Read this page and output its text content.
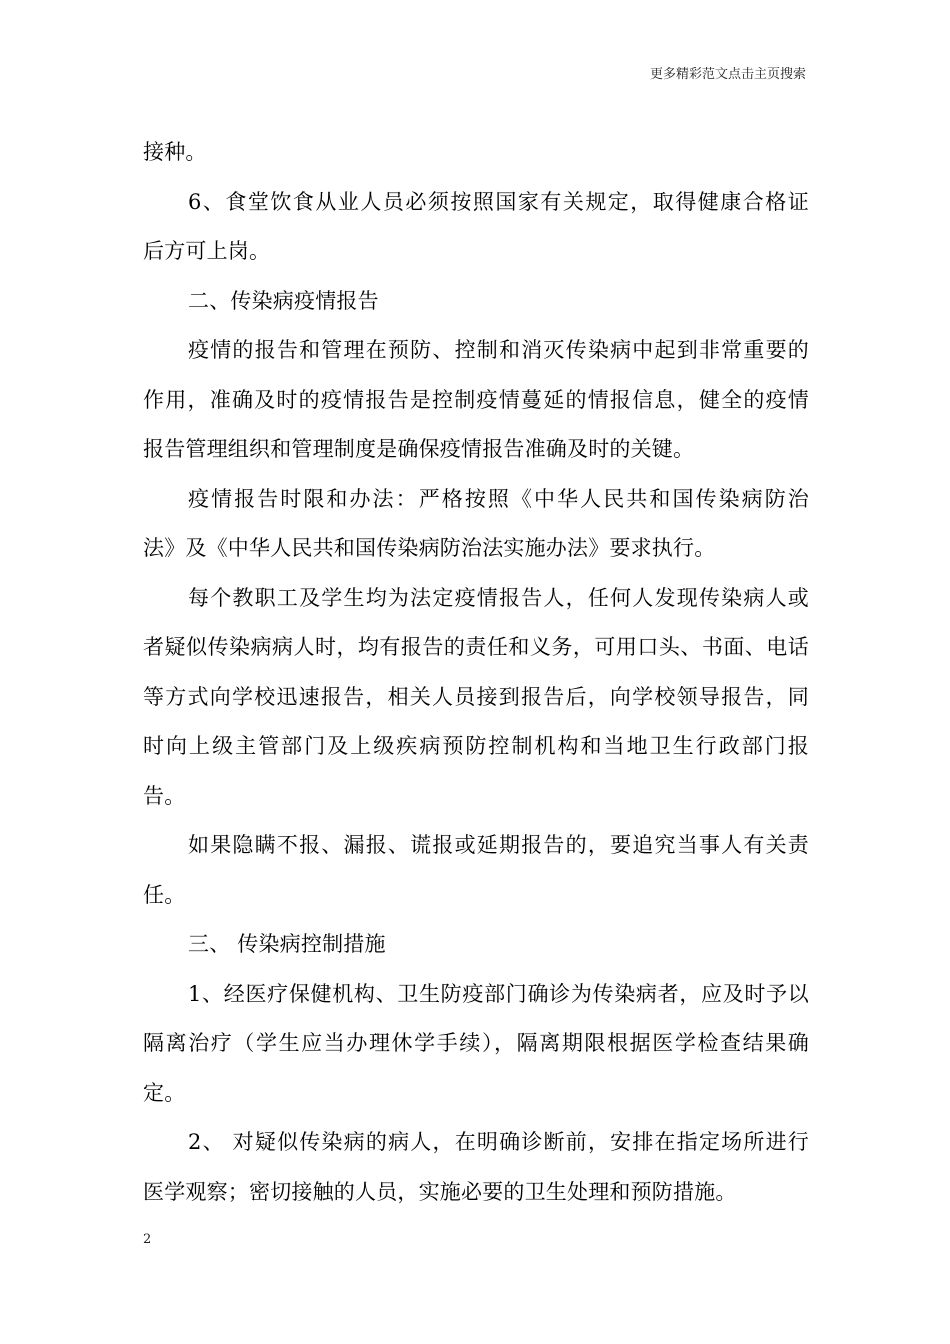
更多精彩范文点击主页搜索
接种。
6、食堂饮食从业人员必须按照国家有关规定，取得健康合格证
后方可上岗。
二、传染病疫情报告
疫情的报告和管理在预防、控制和消灭传染病中起到非常重要的
作用，准确及时的疫情报告是控制疫情蔓延的情报信息，健全的疫情
报告管理组织和管理制度是确保疫情报告准确及时的关键。
疫情报告时限和办法：严格按照《中华人民共和国传染病防治
法》及《中华人民共和国传染病防治法实施办法》要求执行。
每个教职工及学生均为法定疫情报告人，任何人发现传染病人或
者疑似传染病病人时，均有报告的责任和义务，可用口头、书面、电话
等方式向学校迅速报告，相关人员接到报告后，向学校领导报告，同
时向上级主管部门及上级疾病预防控制机构和当地卫生行政部门报
告。
如果隐瞒不报、漏报、谎报或延期报告的，要追究当事人有关责
任。
三、 传染病控制措施
1、经医疗保健机构、卫生防疫部门确诊为传染病者，应及时予以
隔离治疗（学生应当办理休学手续），隔离期限根据医学检查结果确
定。
2、 对疑似传染病的病人，在明确诊断前，安排在指定场所进行
医学观察；密切接触的人员，实施必要的卫生处理和预防措施。
2
